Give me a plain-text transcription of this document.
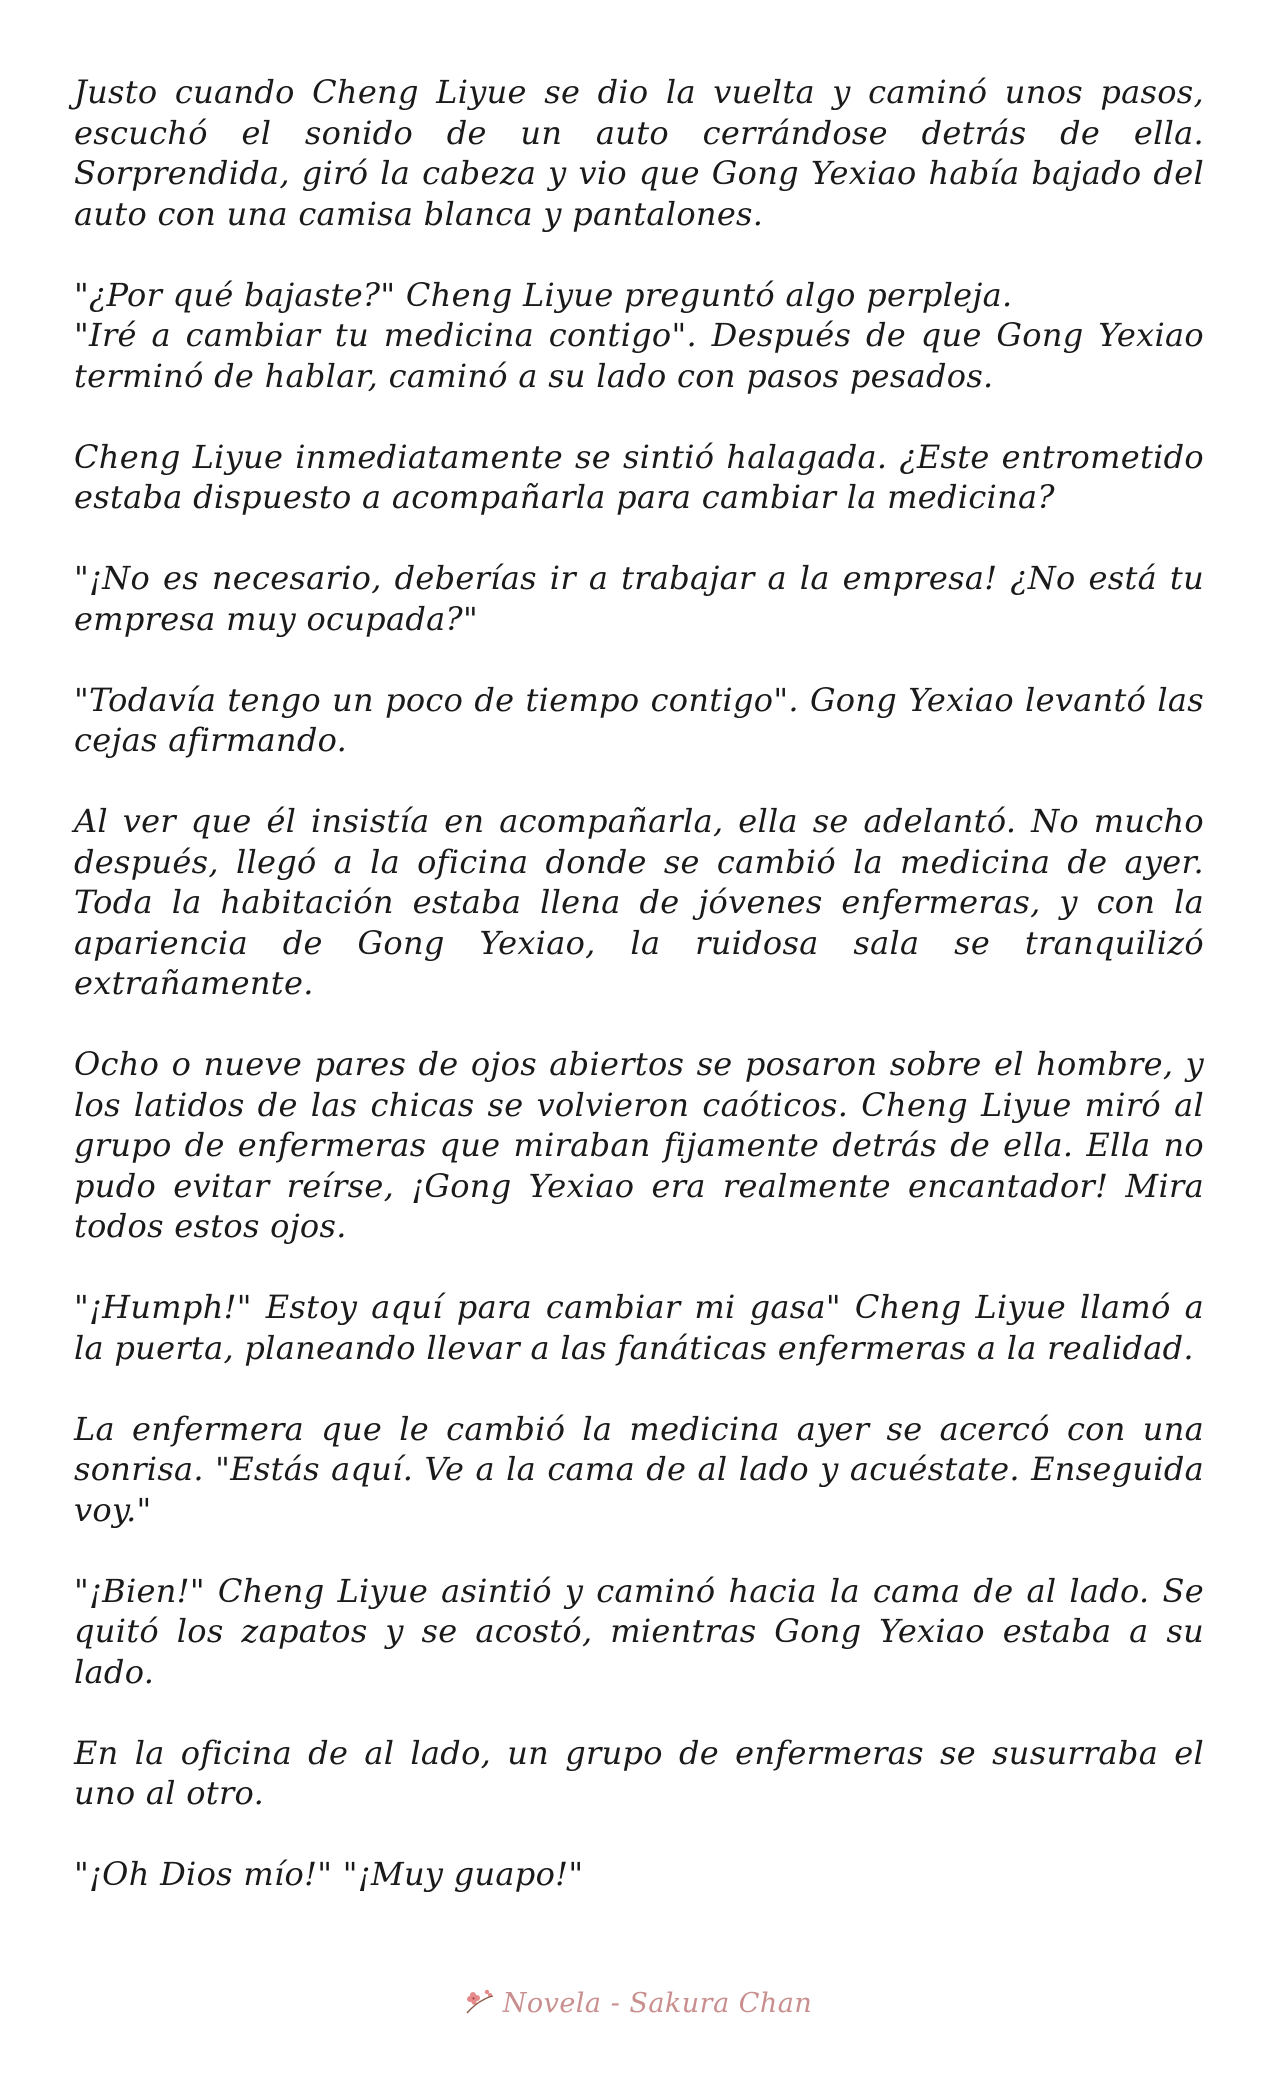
Justo cuando Cheng Liyue se dio la vuelta y caminó unos pasos, escuchó el sonido de un auto cerrándose detrás de ella. Sorprendida, giró la cabeza y vio que Gong Yexiao había bajado del auto con una camisa blanca y pantalones.

"¿Por qué bajaste?" Cheng Liyue preguntó algo perpleja.

"Iré a cambiar tu medicina contigo". Después de que Gong Yexiao terminó de hablar, caminó a su lado con pasos pesados.

Cheng Liyue inmediatamente se sintió halagada. ¿Este entrometido estaba dispuesto a acompañarla para cambiar la medicina?

"¡No es necesario, deberías ir a trabajar a la empresa! ¿No está tu empresa muy ocupada?"

"Todavía tengo un poco de tiempo contigo". Gong Yexiao levantó las cejas afirmando.

Al ver que él insistía en acompañarla, ella se adelantó. No mucho después, llegó a la oficina donde se cambió la medicina de ayer. Toda la habitación estaba llena de jóvenes enfermeras, y con la apariencia de Gong Yexiao, la ruidosa sala se tranquilizó extrañamente.

Ocho o nueve pares de ojos abiertos se posaron sobre el hombre, y los latidos de las chicas se volvieron caóticos. Cheng Liyue miró al grupo de enfermeras que miraban fijamente detrás de ella. Ella no pudo evitar reírse, ¡Gong Yexiao era realmente encantador! Mira todos estos ojos.

"¡Humph!" Estoy aquí para cambiar mi gasa" Cheng Liyue llamó a la puerta, planeando llevar a las fanáticas enfermeras a la realidad.

La enfermera que le cambió la medicina ayer se acercó con una sonrisa. "Estás aquí. Ve a la cama de al lado y acuéstate. Enseguida voy."

"¡Bien!" Cheng Liyue asintió y caminó hacia la cama de al lado. Se quitó los zapatos y se acostó, mientras Gong Yexiao estaba a su lado.

En la oficina de al lado, un grupo de enfermeras se susurraba el uno al otro.

"¡Oh Dios mío!" "¡Muy guapo!"

Novela - Sakura Chan
